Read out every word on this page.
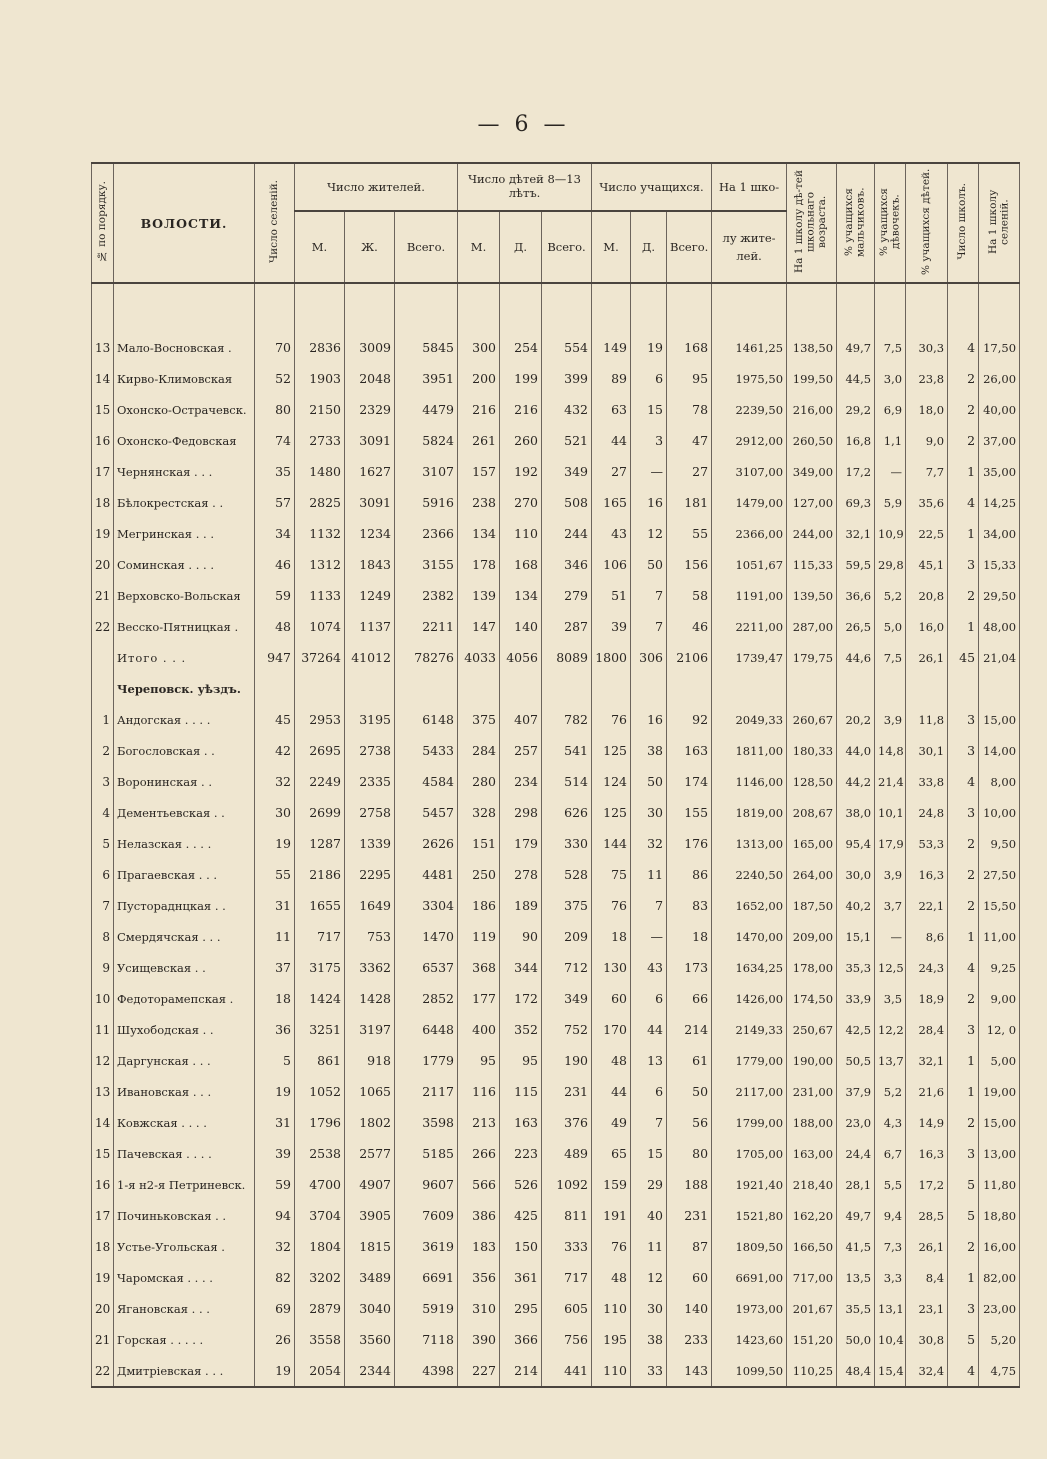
— 6 —
№ по порядку.	ВОЛОСТИ.	Число селеній.	Число жителей.			Число дѣтей 8—13 лѣтъ.			Число учащихся.			На 1 шко-	На 1 школу дѣ-тей школьнаго возраста.	% учащихся мальчиковъ.	% учащихся дѣвочекъ.	% учащихся дѣтей.	Число школъ.	На 1 школу селеній.
			М.	Ж.	Всего.	М.	Д.	Всего.	М.	Д.	Всего.	лу жите-лей.						

13	Мало-Восновская .	70	2836	3009	5845	300	254	554	149	19	168	1461,25	138,50	49,7	7,5	30,3	4	17,50
14	Кирво-Климовская	52	1903	2048	3951	200	199	399	89	6	95	1975,50	199,50	44,5	3,0	23,8	2	26,00
15	Охонско-Остpачевск.	80	2150	2329	4479	216	216	432	63	15	78	2239,50	216,00	29,2	6,9	18,0	2	40,00
16	Охонско-Федовская	74	2733	3091	5824	261	260	521	44	3	47	2912,00	260,50	16,8	1,1	9,0	2	37,00
17	Чернянская . . .	35	1480	1627	3107	157	192	349	27	—	27	3107,00	349,00	17,2	—	7,7	1	35,00
18	Бѣлокрестская . .	57	2825	3091	5916	238	270	508	165	16	181	1479,00	127,00	69,3	5,9	35,6	4	14,25
19	Мегринская . . .	34	1132	1234	2366	134	110	244	43	12	55	2366,00	244,00	32,1	10,9	22,5	1	34,00
20	Соминская . . . .	46	1312	1843	3155	178	168	346	106	50	156	1051,67	115,33	59,5	29,8	45,1	3	15,33
21	Верховско-Вольская	59	1133	1249	2382	139	134	279	51	7	58	1191,00	139,50	36,6	5,2	20,8	2	29,50
22	Весско-Пятницкая .	48	1074	1137	2211	147	140	287	39	7	46	2211,00	287,00	26,5	5,0	16,0	1	48,00
	Итого . . .	947	37264	41012	78276	4033	4056	8089	1800	306	2106	1739,47	179,75	44,6	7,5	26,1	45	21,04
	Череповск. уѣздъ.																	
1	Андогская . . . .	45	2953	3195	6148	375	407	782	76	16	92	2049,33	260,67	20,2	3,9	11,8	3	15,00
2	Богословская . .	42	2695	2738	5433	284	257	541	125	38	163	1811,00	180,33	44,0	14,8	30,1	3	14,00
3	Воронинская . .	32	2249	2335	4584	280	234	514	124	50	174	1146,00	128,50	44,2	21,4	33,8	4	8,00
4	Дементьевская . .	30	2699	2758	5457	328	298	626	125	30	155	1819,00	208,67	38,0	10,1	24,8	3	10,00
5	Нелазская . . . .	19	1287	1339	2626	151	179	330	144	32	176	1313,00	165,00	95,4	17,9	53,3	2	9,50
6	Прагаевская . . .	55	2186	2295	4481	250	278	528	75	11	86	2240,50	264,00	30,0	3,9	16,3	2	27,50
7	Пустораднцкая . .	31	1655	1649	3304	186	189	375	76	7	83	1652,00	187,50	40,2	3,7	22,1	2	15,50
8	Смердячская . . .	11	717	753	1470	119	90	209	18	—	18	1470,00	209,00	15,1	—	8,6	1	11,00
9	Усищевская . .	37	3175	3362	6537	368	344	712	130	43	173	1634,25	178,00	35,3	12,5	24,3	4	9,25
10	Федоторамепская .	18	1424	1428	2852	177	172	349	60	6	66	1426,00	174,50	33,9	3,5	18,9	2	9,00
11	Шухободская . .	36	3251	3197	6448	400	352	752	170	44	214	2149,33	250,67	42,5	12,2	28,4	3	12, 0
12	Даргунская . . .	5	861	918	1779	95	95	190	48	13	61	1779,00	190,00	50,5	13,7	32,1	1	5,00
13	Ивановская . . .	19	1052	1065	2117	116	115	231	44	6	50	2117,00	231,00	37,9	5,2	21,6	1	19,00
14	Ковжская . . . .	31	1796	1802	3598	213	163	376	49	7	56	1799,00	188,00	23,0	4,3	14,9	2	15,00
15	Пачевская . . . .	39	2538	2577	5185	266	223	489	65	15	80	1705,00	163,00	24,4	6,7	16,3	3	13,00
16	1-я н2-я Петриневск.	59	4700	4907	9607	566	526	1092	159	29	188	1921,40	218,40	28,1	5,5	17,2	5	11,80
17	Починьковская . .	94	3704	3905	7609	386	425	811	191	40	231	1521,80	162,20	49,7	9,4	28,5	5	18,80
18	Устье-Угольская .	32	1804	1815	3619	183	150	333	76	11	87	1809,50	166,50	41,5	7,3	26,1	2	16,00
19	Чаромская . . . .	82	3202	3489	6691	356	361	717	48	12	60	6691,00	717,00	13,5	3,3	8,4	1	82,00
20	Ягановская . . .	69	2879	3040	5919	310	295	605	110	30	140	1973,00	201,67	35,5	13,1	23,1	3	23,00
21	Горская . . . . .	26	3558	3560	7118	390	366	756	195	38	233	1423,60	151,20	50,0	10,4	30,8	5	5,20
22	Дмитріевская . . .	19	2054	2344	4398	227	214	441	110	33	143	1099,50	110,25	48,4	15,4	32,4	4	4,75
